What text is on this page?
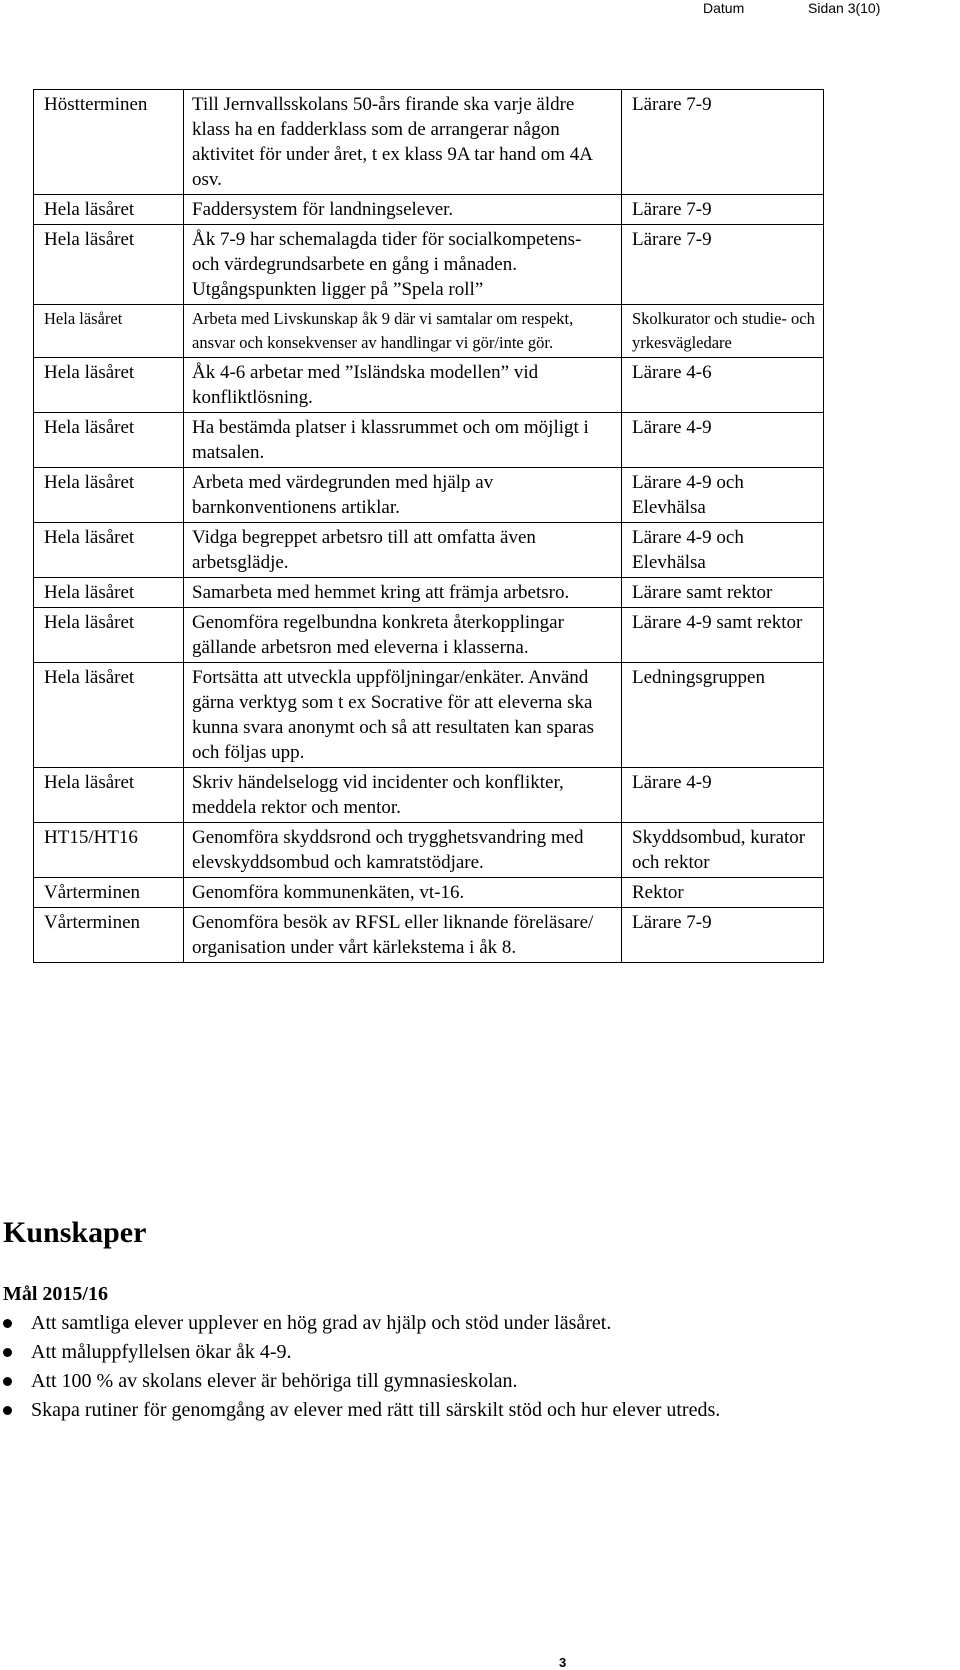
Datum	Sidan 3(10)
Höstterminen	Till Jernvallsskolans 50-års firande ska varje äldre klass ha en fadderklass som de arrangerar någon aktivitet för under året, t ex klass 9A tar hand om 4A osv.	Lärare 7-9
Hela läsåret	Faddersystem för landningselever.	Lärare 7-9
Hela läsåret	Åk 7-9 har schemalagda tider för socialkompetens- och värdegrundsarbete en gång i månaden. Utgångspunkten ligger på ”Spela roll”	Lärare 7-9
Hela läsåret	Arbeta med Livskunskap åk 9 där vi samtalar om respekt, ansvar och konsekvenser av handlingar vi gör/inte gör.	Skolkurator och studie- och yrkesvägledare
Hela läsåret	Åk 4-6 arbetar med ”Isländska modellen” vid konfliktlösning.	Lärare 4-6
Hela läsåret	Ha bestämda platser i klassrummet och om möjligt i matsalen.	Lärare 4-9
Hela läsåret	Arbeta med värdegrunden med hjälp av barnkonventionens artiklar.	Lärare 4-9 och Elevhälsa
Hela läsåret	Vidga begreppet arbetsro till att omfatta även arbetsglädje.	Lärare 4-9 och Elevhälsa
Hela läsåret	Samarbeta med hemmet kring att främja arbetsro.	Lärare samt rektor
Hela läsåret	Genomföra regelbundna konkreta återkopplingar gällande arbetsron med eleverna i klasserna.	Lärare 4-9 samt rektor
Hela läsåret	Fortsätta att utveckla uppföljningar/enkäter. Använd gärna verktyg som t ex Socrative för att eleverna ska kunna svara anonymt och så att resultaten kan sparas och följas upp.	Ledningsgruppen
Hela läsåret	Skriv händelselogg vid incidenter och konflikter, meddela rektor och mentor.	Lärare 4-9
HT15/HT16	Genomföra skyddsrond och trygghetsvandring med elevskyddsombud och kamratstödjare.	Skyddsombud, kurator och rektor
Vårterminen	Genomföra kommunenkäten, vt-16.	Rektor
Vårterminen	Genomföra besök av RFSL eller liknande föreläsare/ organisation under vårt kärlekstema i åk 8.	Lärare 7-9
Kunskaper

Mål 2015/16

Att samtliga elever upplever en hög grad av hjälp och stöd under läsåret.
Att måluppfyllelsen ökar åk 4-9.
Att 100 % av skolans elever är behöriga till gymnasieskolan.
Skapa rutiner för genomgång av elever med rätt till särskilt stöd och hur elever utreds.
3
